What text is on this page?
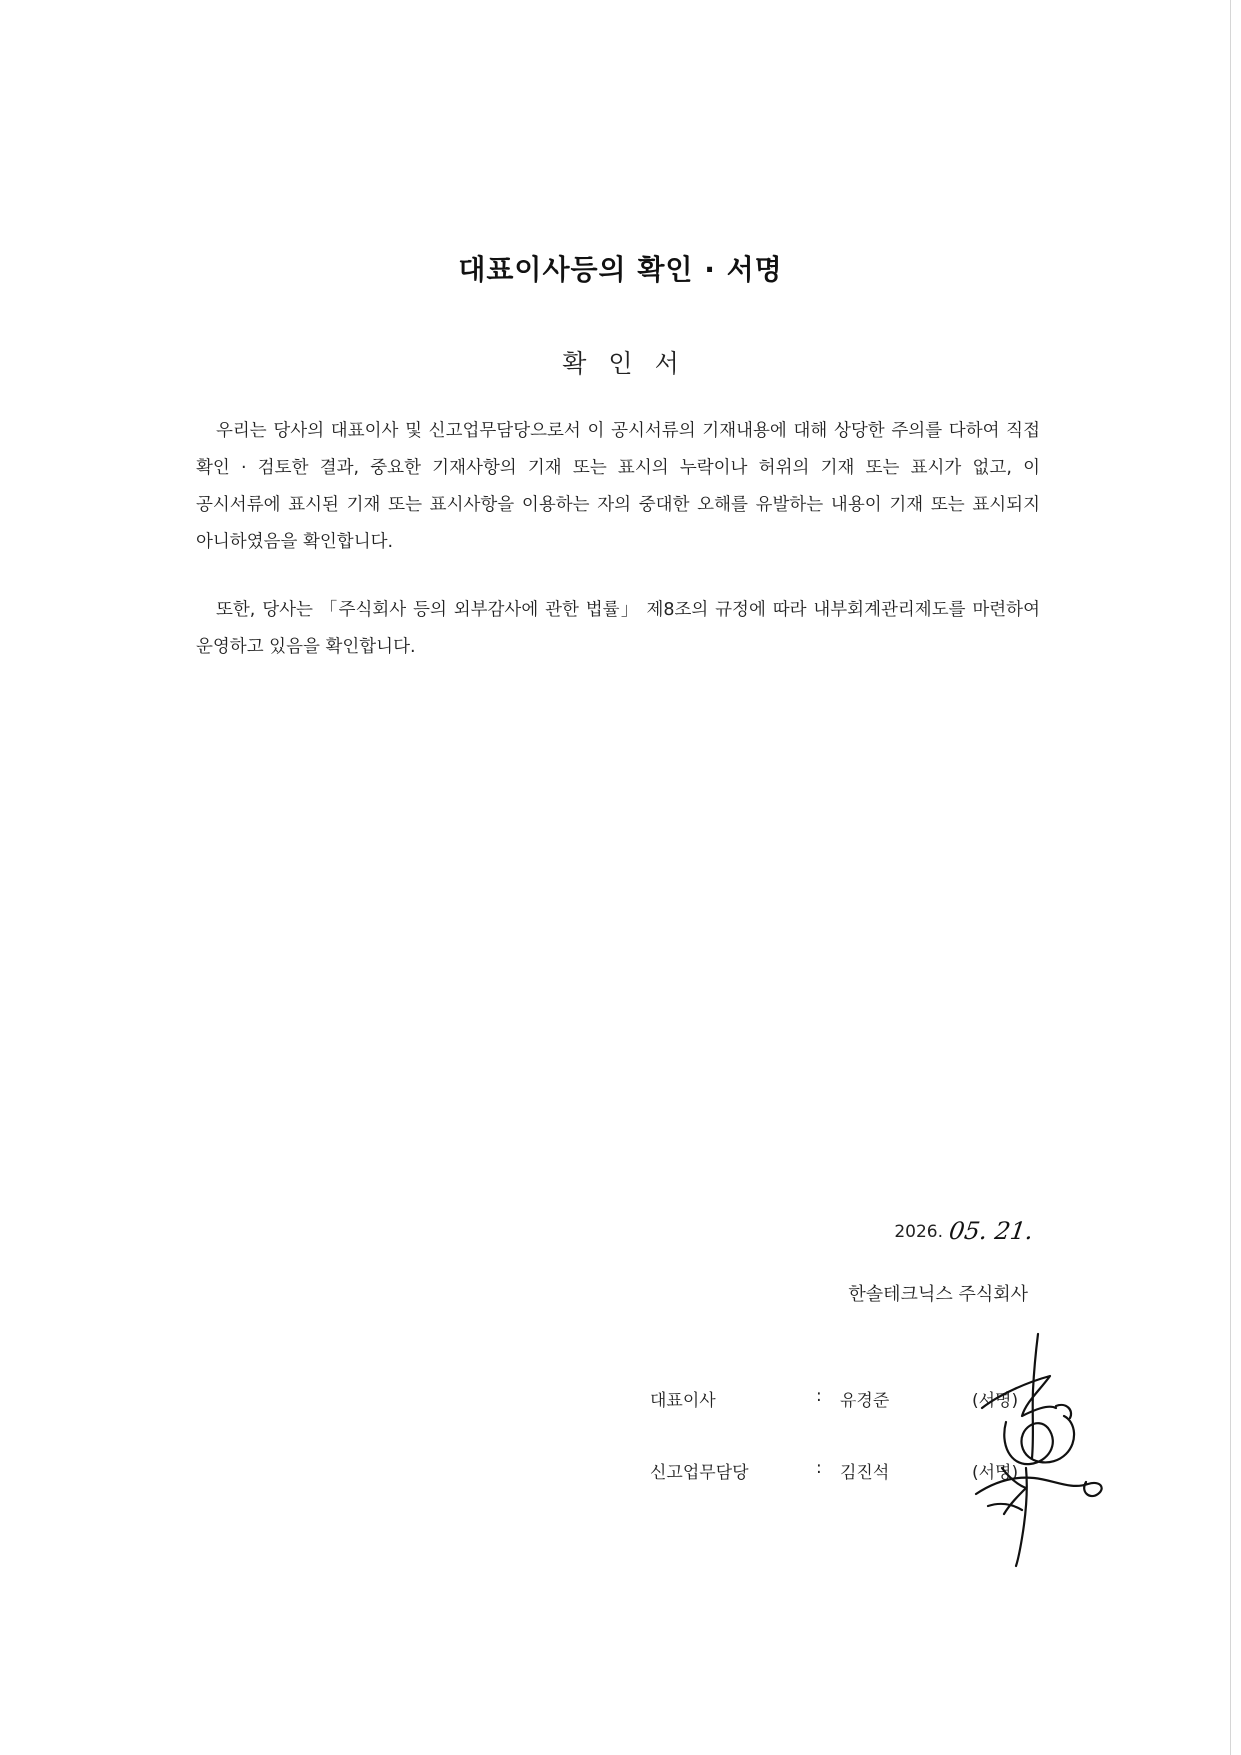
대표이사등의 확인 · 서명
확인서
우리는 당사의 대표이사 및 신고업무담당으로서 이 공시서류의 기재내용에 대해 상당한 주의를 다하여 직접 확인 · 검토한 결과, 중요한 기재사항의 기재 또는 표시의 누락이나 허위의 기재 또는 표시가 없고, 이 공시서류에 표시된 기재 또는 표시사항을 이용하는 자의 중대한 오해를 유발하는 내용이 기재 또는 표시되지 아니하였음을 확인합니다.
또한, 당사는 「주식회사 등의 외부감사에 관한 법률」 제8조의 규정에 따라 내부회계관리제도를 마련하여 운영하고 있음을 확인합니다.
2026. 05. 21.
한솔테크닉스 주식회사
대표이사	: 유경준	(서명)
신고업무담당	: 김진석	(서명)
